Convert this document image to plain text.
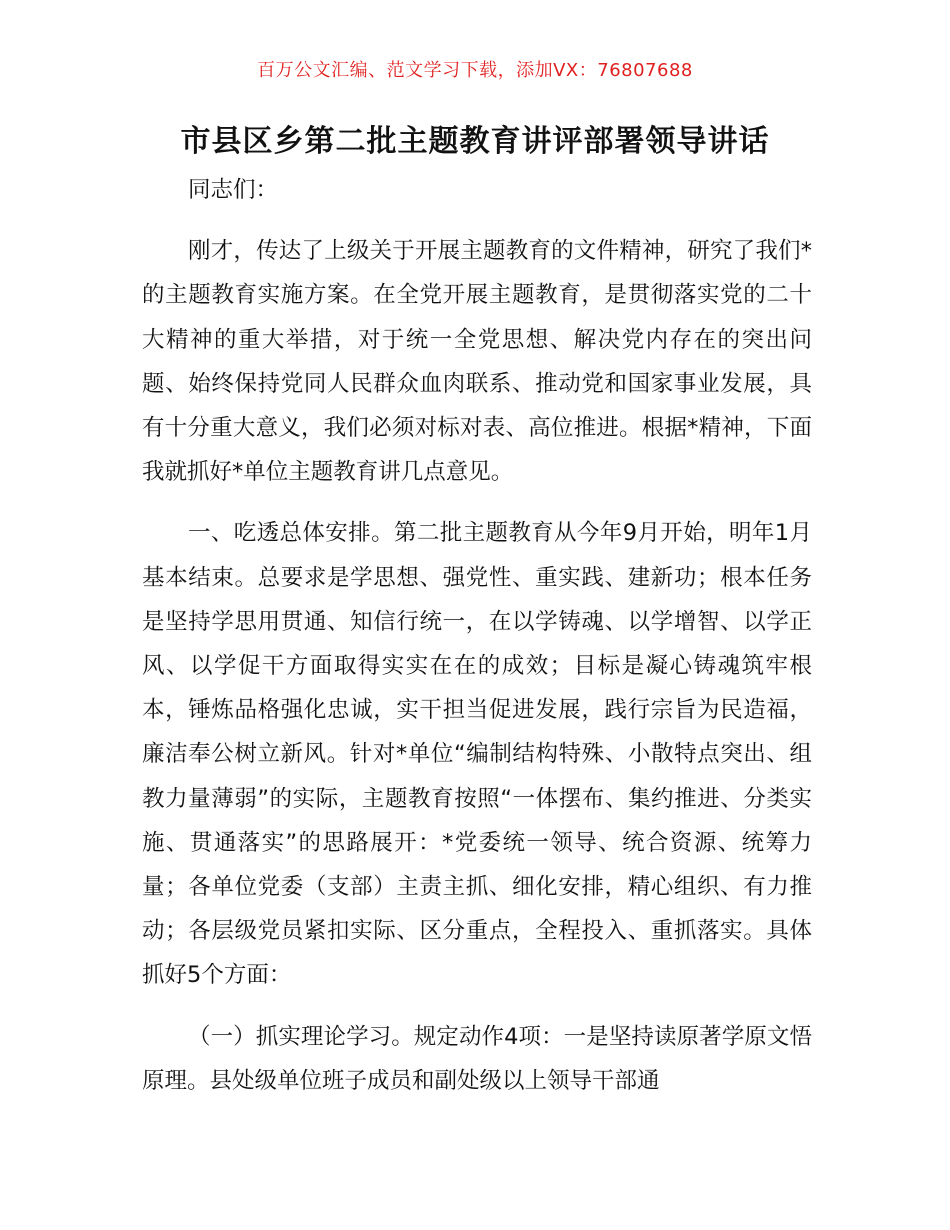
百万公文汇编、范文学习下载，添加VX：76807688
市县区乡第二批主题教育讲评部署领导讲话

同志们：

刚才，传达了上级关于开展主题教育的文件精神，研究了我们*的主题教育实施方案。在全党开展主题教育，是贯彻落实党的二十大精神的重大举措，对于统一全党思想、解决党内存在的突出问题、始终保持党同人民群众血肉联系、推动党和国家事业发展，具有十分重大意义，我们必须对标对表、高位推进。根据*精神，下面我就抓好*单位主题教育讲几点意见。

一、吃透总体安排。第二批主题教育从今年9月开始，明年1月基本结束。总要求是学思想、强党性、重实践、建新功；根本任务是坚持学思用贯通、知信行统一，在以学铸魂、以学增智、以学正风、以学促干方面取得实实在在的成效；目标是凝心铸魂筑牢根本，锤炼品格强化忠诚，实干担当促进发展，践行宗旨为民造福，廉洁奉公树立新风。针对*单位“编制结构特殊、小散特点突出、组教力量薄弱”的实际，主题教育按照“一体摆布、集约推进、分类实施、贯通落实”的思路展开：*党委统一领导、统合资源、统筹力量；各单位党委（支部）主责主抓、细化安排，精心组织、有力推动；各层级党员紧扣实际、区分重点，全程投入、重抓落实。具体抓好5个方面：

（一）抓实理论学习。规定动作4项：一是坚持读原著学原文悟原理。县处级单位班子成员和副处级以上领导干部通
